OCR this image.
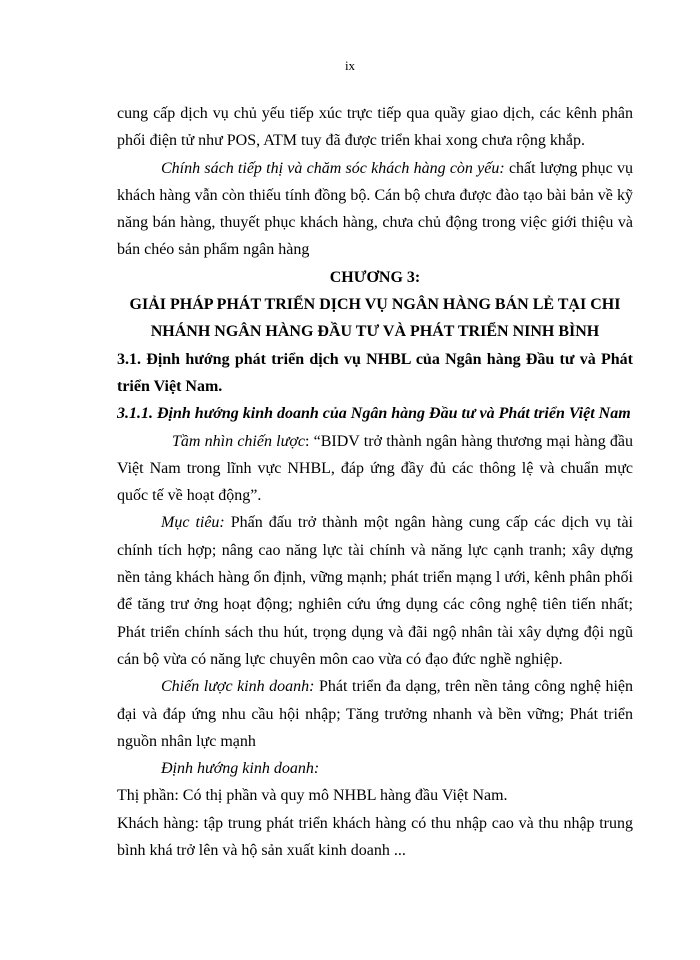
ix

cung cấp dịch vụ chủ yếu tiếp xúc trực tiếp qua quầy giao dịch, các kênh phân phối điện tử như POS, ATM tuy đã được triển khai xong chưa rộng khắp.

Chính sách tiếp thị và chăm sóc khách hàng còn yếu: chất lượng phục vụ khách hàng vẫn còn thiếu tính đồng bộ. Cán bộ chưa được đào tạo bài bản về kỹ năng bán hàng, thuyết phục khách hàng, chưa chủ động trong việc giới thiệu và bán chéo sản phẩm ngân hàng

CHƯƠNG 3:

GIẢI PHÁP PHÁT TRIỂN DỊCH VỤ NGÂN HÀNG BÁN LẺ TẠI CHI

NHÁNH NGÂN HÀNG ĐẦU TƯ VÀ PHÁT TRIỂN NINH BÌNH

3.1. Định hướng phát triển dịch vụ NHBL của Ngân hàng Đầu tư và Phát triển Việt Nam.

3.1.1. Định hướng kinh doanh của Ngân hàng Đầu tư và Phát triển Việt Nam

Tầm nhìn chiến lược: “BIDV trở thành ngân hàng thương mại hàng đầu Việt Nam trong lĩnh vực NHBL, đáp ứng đầy đủ các thông lệ và chuẩn mực quốc tế về hoạt động”.

Mục tiêu: Phấn đấu trở thành một ngân hàng cung cấp các dịch vụ tài chính tích hợp; nâng cao năng lực tài chính và năng lực cạnh tranh; xây dựng nền tảng khách hàng ổn định, vững mạnh; phát triển mạng l ưới, kênh phân phối để tăng trư ởng hoạt động; nghiên cứu ứng dụng các công nghệ tiên tiến nhất; Phát triển chính sách thu hút, trọng dụng và đãi ngộ nhân tài xây dựng đội ngũ cán bộ vừa có năng lực chuyên môn cao vừa có đạo đức nghề nghiệp.

Chiến lược kinh doanh: Phát triển đa dạng, trên nền tảng công nghệ hiện đại và đáp ứng nhu cầu hội nhập; Tăng trưởng nhanh và bền vững; Phát triển nguồn nhân lực mạnh

Định hướng kinh doanh:

Thị phần: Có thị phần và quy mô NHBL hàng đầu Việt Nam.

Khách hàng: tập trung phát triển khách hàng có thu nhập cao và thu nhập trung bình khá trở lên và hộ sản xuất kinh doanh ...
